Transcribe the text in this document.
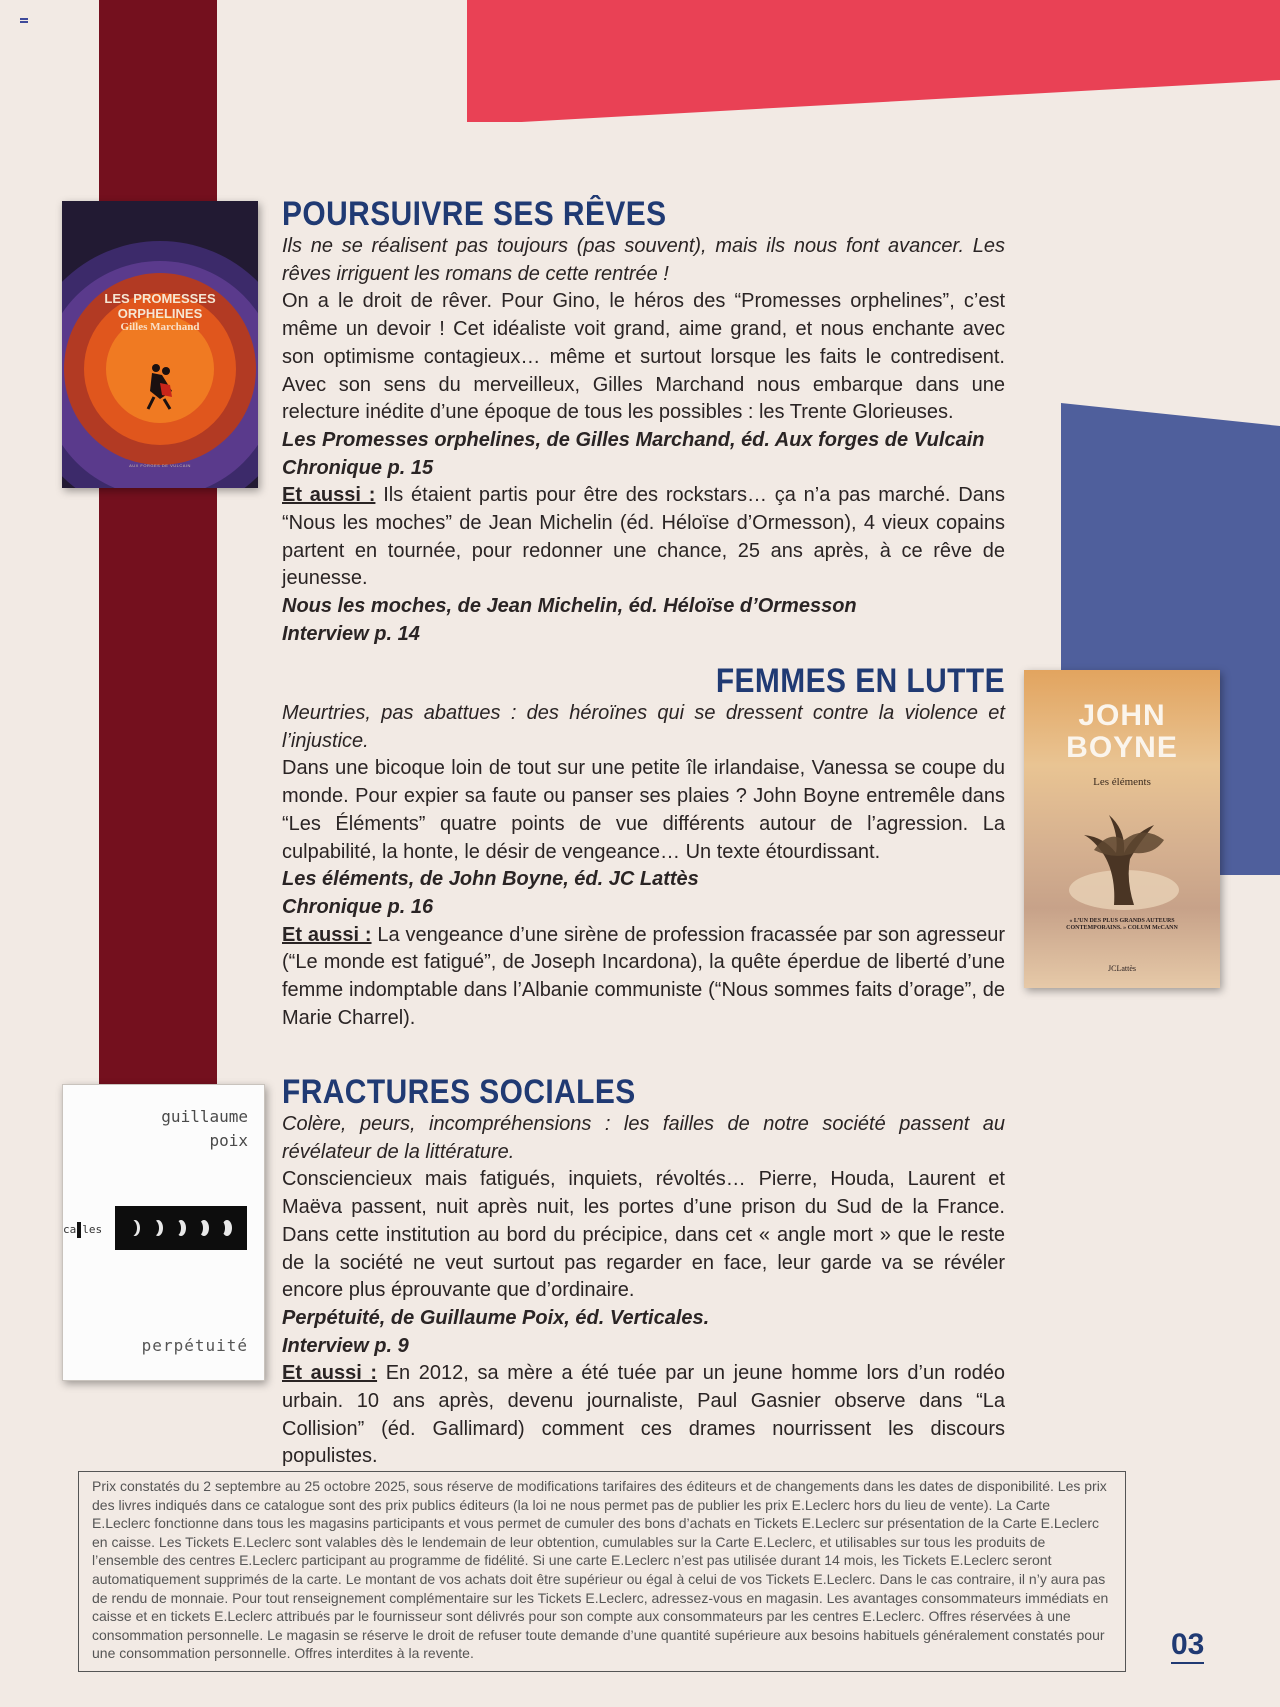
LES PROMESSES
ORPHELINES
Gilles Marchand
AUX FORGES DE VULCAIN
JOHN
BOYNE
Les éléments
« L’UN DES PLUS GRANDS AUTEURS CONTEMPORAINS. » COLUM McCANN
JCLattès
guillaume
poix
ca les
perpétuité
POURSUIVRE SES RÊVES

Ils ne se réalisent pas toujours (pas souvent), mais ils nous font avancer. Les rêves irriguent les romans de cette rentrée !

On a le droit de rêver. Pour Gino, le héros des “Promesses orphelines”, c’est même un devoir ! Cet idéaliste voit grand, aime grand, et nous enchante avec son optimisme contagieux… même et surtout lorsque les faits le contredisent. Avec son sens du merveilleux, Gilles Marchand nous embarque dans une relecture inédite d’une époque de tous les possibles : les Trente Glorieuses.

Les Promesses orphelines, de Gilles Marchand, éd. Aux forges de Vulcain

Chronique p. 15

Et aussi : Ils étaient partis pour être des rockstars… ça n’a pas marché. Dans “Nous les moches” de Jean Michelin (éd. Héloïse d’Ormesson), 4 vieux copains partent en tournée, pour redonner une chance, 25 ans après, à ce rêve de jeunesse.

Nous les moches, de Jean Michelin, éd. Héloïse d’Ormesson

Interview p. 14

FEMMES EN LUTTE

Meurtries, pas abattues : des héroïnes qui se dressent contre la violence et l’injustice.

Dans une bicoque loin de tout sur une petite île irlandaise, Vanessa se coupe du monde. Pour expier sa faute ou panser ses plaies ? John Boyne entremêle dans “Les Éléments” quatre points de vue différents autour de l’agression. La culpabilité, la honte, le désir de vengeance… Un texte étourdissant.

Les éléments, de John Boyne, éd. JC Lattès

Chronique p. 16

Et aussi : La vengeance d’une sirène de profession fracassée par son agresseur (“Le monde est fatigué”, de Joseph Incardona), la quête éperdue de liberté d’une femme indomptable dans l’Albanie communiste (“Nous sommes faits d’orage”, de Marie Charrel).

FRACTURES SOCIALES

Colère, peurs, incompréhensions : les failles de notre société passent au révélateur de la littérature.

Consciencieux mais fatigués, inquiets, révoltés… Pierre, Houda, Laurent et Maëva passent, nuit après nuit, les portes d’une prison du Sud de la France. Dans cette institution au bord du précipice, dans cet « angle mort » que le reste de la société ne veut surtout pas regarder en face, leur garde va se révéler encore plus éprouvante que d’ordinaire.

Perpétuité, de Guillaume Poix, éd. Verticales.

Interview p. 9

Et aussi : En 2012, sa mère a été tuée par un jeune homme lors d’un rodéo urbain. 10 ans après, devenu journaliste, Paul Gasnier observe dans “La Collision” (éd. Gallimard) comment ces drames nourrissent les discours populistes.

Prix constatés du 2 septembre au 25 octobre 2025, sous réserve de modifications tarifaires des éditeurs et de changements dans les dates de disponibilité. Les prix des livres indiqués dans ce catalogue sont des prix publics éditeurs (la loi ne nous permet pas de publier les prix E.Leclerc hors du lieu de vente). La Carte E.Leclerc fonctionne dans tous les magasins participants et vous permet de cumuler des bons d’achats en Tickets E.Leclerc sur présentation de la Carte E.Leclerc en caisse. Les Tickets E.Leclerc sont valables dès le lendemain de leur obtention, cumulables sur la Carte E.Leclerc, et utilisables sur tous les produits de l’ensemble des centres E.Leclerc participant au programme de fidélité. Si une carte E.Leclerc n’est pas utilisée durant 14 mois, les Tickets E.Leclerc seront automatiquement supprimés de la carte. Le montant de vos achats doit être supérieur ou égal à celui de vos Tickets E.Leclerc. Dans le cas contraire, il n’y aura pas de rendu de monnaie. Pour tout renseignement complémentaire sur les Tickets E.Leclerc, adressez-vous en magasin. Les avantages consommateurs immédiats en caisse et en tickets E.Leclerc attribués par le fournisseur sont délivrés pour son compte aux consommateurs par les centres E.Leclerc. Offres réservées à une consommation personnelle. Le magasin se réserve le droit de refuser toute demande d’une quantité supérieure aux besoins habituels généralement constatés pour une consommation personnelle. Offres interdites à la revente.	03
